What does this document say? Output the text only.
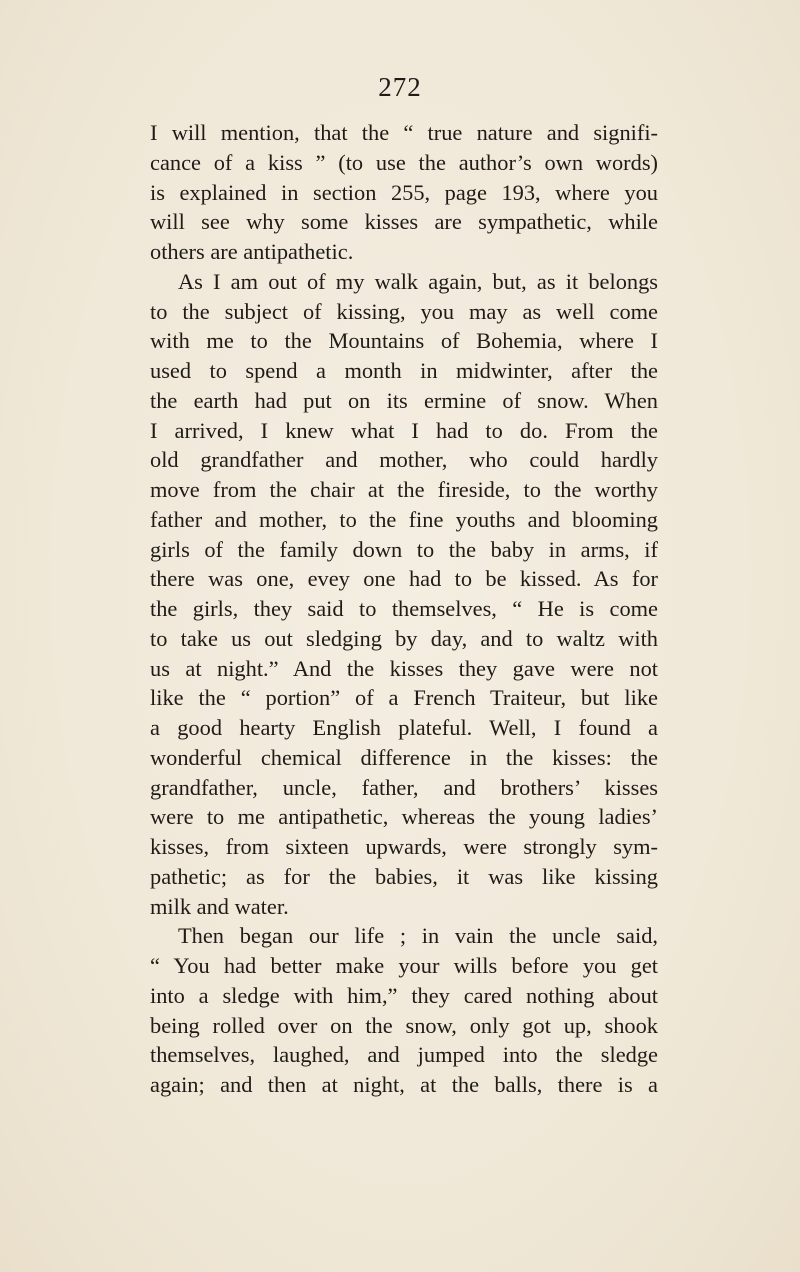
272
I will mention, that the “ true nature and signifi-
cance of a kiss ” (to use the author’s own words)
is explained in section 255, page 193, where you
will see why some kisses are sympathetic, while
others are antipathetic.
As I am out of my walk again, but, as it belongs
to the subject of kissing, you may as well come
with me to the Mountains of Bohemia, where I
used to spend a month in midwinter, after the
the earth had put on its ermine of snow. When
I arrived, I knew what I had to do. From the
old grandfather and mother, who could hardly
move from the chair at the fireside, to the worthy
father and mother, to the fine youths and blooming
girls of the family down to the baby in arms, if
there was one, evey one had to be kissed. As for
the girls, they said to themselves, “ He is come
to take us out sledging by day, and to waltz with
us at night.” And the kisses they gave were not
like the “ portion” of a French Traiteur, but like
a good hearty English plateful. Well, I found a
wonderful chemical difference in the kisses: the
grandfather, uncle, father, and brothers’ kisses
were to me antipathetic, whereas the young ladies’
kisses, from sixteen upwards, were strongly sym-
pathetic; as for the babies, it was like kissing
milk and water.
Then began our life ; in vain the uncle said,
“ You had better make your wills before you get
into a sledge with him,” they cared nothing about
being rolled over on the snow, only got up, shook
themselves, laughed, and jumped into the sledge
again; and then at night, at the balls, there is a
